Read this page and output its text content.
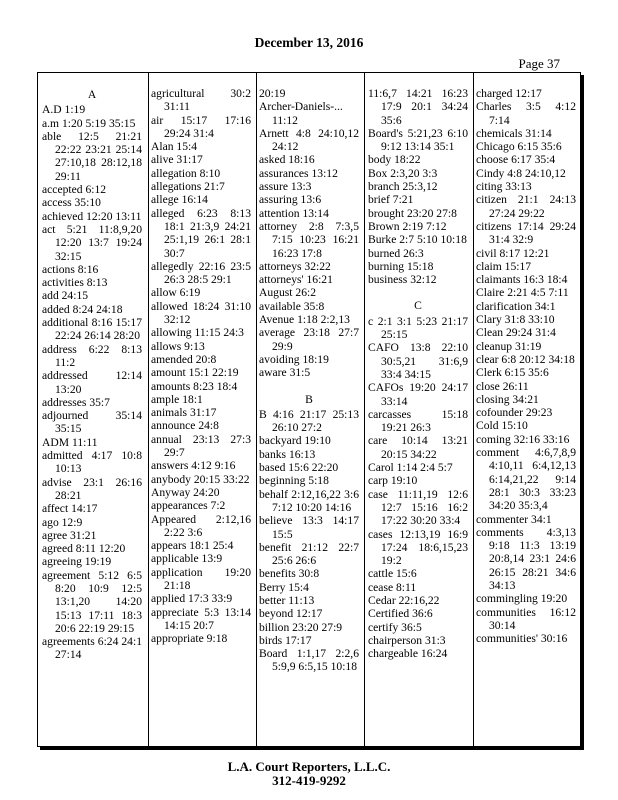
December 13, 2016
Page 37
A
A.D 1:19
a.m 1:20 5:19 35:15
able 12:5 21:21 22:22 23:21 25:14 27:10,18 28:12,18 29:11
accepted 6:12
access 35:10
achieved 12:20 13:11
act 5:21 11:8,9,20 12:20 13:7 19:24 32:15
actions 8:16
activities 8:13
add 24:15
added 8:24 24:18
additional 8:16 15:17 22:24 26:14 28:20
address 6:22 8:13 11:2
addressed 12:14 13:20
addresses 35:7
adjourned 35:14 35:15
ADM 11:11
admitted 4:17 10:8 10:13
advise 23:1 26:16 28:21
affect 14:17
ago 12:9
agree 31:21
agreed 8:11 12:20
agreeing 19:19
agreement 5:12 6:5 8:20 10:9 12:5 13:1,20 14:20 15:13 17:11 18:3 20:6 22:19 29:15
agreements 6:24 24:1 27:14
agricultural 30:2 31:11
air 15:17 17:16 29:24 31:4
Alan 15:4
alive 31:17
allegation 8:10
allegations 21:7
allege 16:14
alleged 6:23 8:13 18:1 21:3,9 24:21 25:1,19 26:1 28:1 30:7
allegedly 22:16 23:5 26:3 28:5 29:1
allow 6:19
allowed 18:24 31:10 32:12
allowing 11:15 24:3
allows 9:13
amended 20:8
amount 15:1 22:19
amounts 8:23 18:4
ample 18:1
animals 31:17
announce 24:8
annual 23:13 27:3 29:7
answers 4:12 9:16
anybody 20:15 33:22
Anyway 24:20
appearances 7:2
Appeared 2:12,16 2:22 3:6
appears 18:1 25:4
applicable 13:9
application 19:20 21:18
applied 17:3 33:9
appreciate 5:3 13:14 14:15 20:7
appropriate 9:18
20:19
Archer-Daniels-... 11:12
Arnett 4:8 24:10,12 24:12
asked 18:16
assurances 13:12
assure 13:3
assuring 13:6
attention 13:14
attorney 2:8 7:3,5 7:15 10:23 16:21 16:23 17:8
attorneys 32:22
attorneys' 16:21
August 26:2
available 35:8
Avenue 1:18 2:2,13
average 23:18 27:7 29:9
avoiding 18:19
aware 31:5
B
B 4:16 21:17 25:13 26:10 27:2
backyard 19:10
banks 16:13
based 15:6 22:20
beginning 5:18
behalf 2:12,16,22 3:6 7:12 10:20 14:16
believe 13:3 14:17 15:5
benefit 21:12 22:7 25:6 26:6
benefits 30:8
Berry 15:4
better 11:13
beyond 12:17
billion 23:20 27:9
birds 17:17
Board 1:1,17 2:2,6 5:9,9 6:5,15 10:18
11:6,7 14:21 16:23 17:9 20:1 34:24 35:6
Board's 5:21,23 6:10 9:12 13:14 35:1
body 18:22
Box 2:3,20 3:3
branch 25:3,12
brief 7:21
brought 23:20 27:8
Brown 2:19 7:12
Burke 2:7 5:10 10:18
burned 26:3
burning 15:18
business 32:12
C
c 2:1 3:1 5:23 21:17 25:15
CAFO 13:8 22:10 30:5,21 31:6,9 33:4 34:15
CAFOs 19:20 24:17 33:14
carcasses 15:18 19:21 26:3
care 10:14 13:21 20:15 34:22
Carol 1:14 2:4 5:7
carp 19:10
case 11:11,19 12:6 12:7 15:16 16:2 17:22 30:20 33:4
cases 12:13,19 16:9 17:24 18:6,15,23 19:2
cattle 15:6
cease 8:11
Cedar 22:16,22
Certified 36:6
certify 36:5
chairperson 31:3
chargeable 16:24
charged 12:17
Charles 3:5 4:12 7:14
chemicals 31:14
Chicago 6:15 35:6
choose 6:17 35:4
Cindy 4:8 24:10,12
citing 33:13
citizen 21:1 24:13 27:24 29:22
citizens 17:14 29:24 31:4 32:9
civil 8:17 12:21
claim 15:17
claimants 16:3 18:4
Claire 2:21 4:5 7:11
clarification 34:1
Clary 31:8 33:10
Clean 29:24 31:4
cleanup 31:19
clear 6:8 20:12 34:18
Clerk 6:15 35:6
close 26:11
closing 34:21
cofounder 29:23
Cold 15:10
coming 32:16 33:16
comment 4:6,7,8,9 4:10,11 6:4,12,13 6:14,21,22 9:14 28:1 30:3 33:23 34:20 35:3,4
commenter 34:1
comments 4:3,13 9:18 11:3 13:19 20:8,14 23:1 24:6 26:15 28:21 34:6 34:13
commingling 19:20
communities 16:12 30:14
communities' 30:16
L.A. Court Reporters, L.L.C.
312-419-9292
